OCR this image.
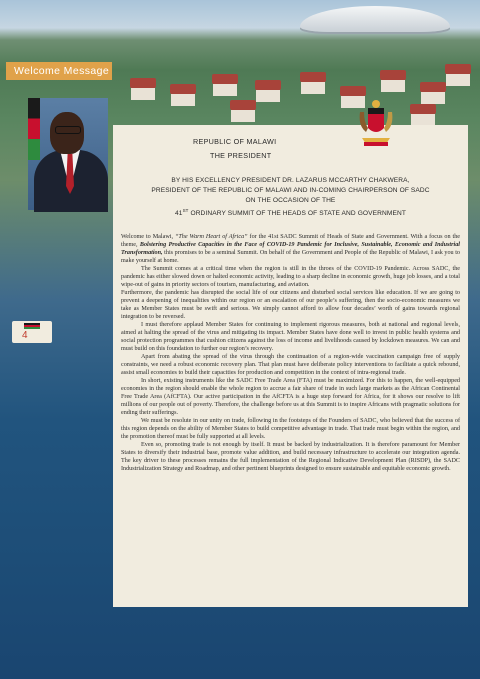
Welcome Message
REPUBLIC OF MALAWI
THE PRESIDENT
BY HIS EXCELLENCY PRESIDENT DR. LAZARUS MCCARTHY CHAKWERA,
PRESIDENT OF THE REPUBLIC OF MALAWI AND IN-COMING CHAIRPERSON OF SADC
ON THE OCCASION OF THE
41ST ORDINARY SUMMIT OF THE HEADS OF STATE AND GOVERNMENT

Welcome to Malawi, “The Warm Heart of Africa” for the 41st SADC Summit of Heads of State and Government. With a focus on the theme, Bolstering Productive Capacities in the Face of COVID-19 Pandemic for Inclusive, Sustainable, Economic and Industrial Transformation, this promises to be a seminal Summit. On behalf of the Government and People of the Republic of Malawi, I ask you to make yourself at home.

The Summit comes at a critical time when the region is still in the throes of the COVID-19 Pandemic. Across SADC, the pandemic has either slowed down or halted economic activity, leading to a sharp decline in economic growth, huge job losses, and a total wipe-out of gains in priority sectors of tourism, manufacturing, and aviation.

Furthermore, the pandemic has disrupted the social life of our citizens and disturbed social services like education. If we are going to prevent a deepening of inequalities within our region or an escalation of our people’s suffering, then the socio-economic measures we take as Member States must be swift and serious. We simply cannot afford to allow four decades’ worth of gains towards regional integration to be reversed.

I must therefore applaud Member States for continuing to implement rigorous measures, both at national and regional levels, aimed at halting the spread of the virus and mitigating its impact. Member States have done well to invest in public health systems and social protection programmes that cushion citizens against the loss of income and livelihoods caused by lockdown measures. We can and must build on this foundation to further our region’s recovery.

Apart from abating the spread of the virus through the continuation of a region-wide vaccination campaign free of supply constraints, we need a robust economic recovery plan. That plan must have deliberate policy interventions to facilitate a quick rebound, assist small economies to build their capacities for production and competition in the context of intra-regional trade.

In short, existing instruments like the SADC Free Trade Area (FTA) must be maximized. For this to happen, the well-equipped economies in the region should enable the whole region to accrue a fair share of trade in such large markets as the African Continental Free Trade Area (AfCFTA). Our active participation in the AfCFTA is a huge step forward for Africa, for it shows our resolve to lift millions of our people out of poverty. Therefore, the challenge before us at this Summit is to inspire Africans with pragmatic solutions for ending their sufferings.

We must be resolute in our unity on trade, following in the footsteps of the Founders of SADC, who believed that the success of this region depends on the ability of Member States to build competitive advantage in trade. That trade must begin within the region, and the promotion thereof must be fully supported at all levels.

Even so, promoting trade is not enough by itself. It must be backed by industrialization. It is therefore paramount for Member States to diversify their industrial base, promote value addition, and build necessary infrastructure to accelerate our integration agenda. The key driver to these processes remains the full implementation of the Regional Indicative Development Plan (RISDP), the SADC Industrialization Strategy and Roadmap, and other pertinent blueprints designed to ensure sustainable and equitable economic growth.

4
